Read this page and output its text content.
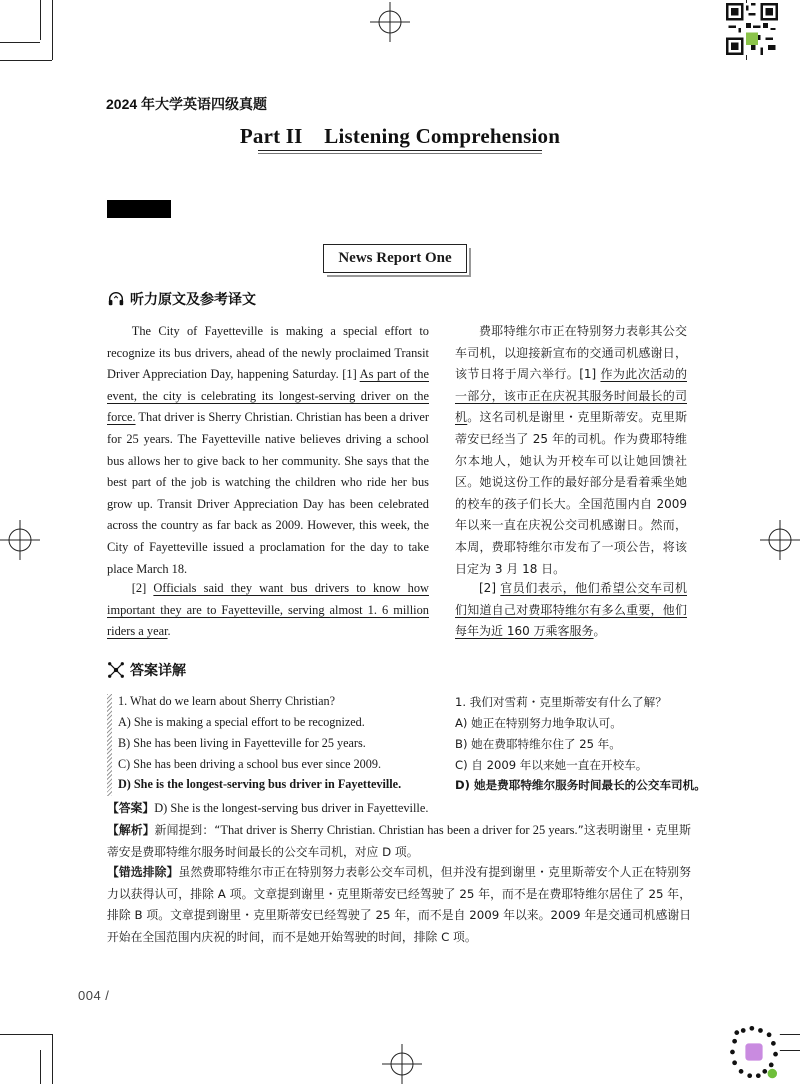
2024 年大学英语四级真题
Part II    Listening Comprehension
News Report One
听力原文及参考译文
The City of Fayetteville is making a special effort to recognize its bus drivers, ahead of the newly proclaimed Transit Driver Appreciation Day, happening Saturday. [1] As part of the event, the city is celebrating its longest-serving driver on the force. That driver is Sherry Christian. Christian has been a driver for 25 years. The Fayetteville native believes driving a school bus allows her to give back to her community. She says that the best part of the job is watching the children who ride her bus grow up. Transit Driver Appreciation Day has been celebrated across the country as far back as 2009. However, this week, the City of Fayetteville issued a proclamation for the day to take place March 18.
[2] Officials said they want bus drivers to know how important they are to Fayetteville, serving almost 1. 6 million riders a year.
费耶特维尔市正在特别努力表彰其公交车司机，以迎接新宣布的交通司机感谢日，该节日将于周六举行。[1] 作为此次活动的一部分，该市正在庆祝其服务时间最长的司机。这名司机是谢里・克里斯蒂安。克里斯蒂安已经当了 25 年的司机。作为费耶特维尔本地人，她认为开校车可以让她回馈社区。她说这份工作的最好部分是看着乘坐她的校车的孩子们长大。全国范围内自 2009 年以来一直在庆祝公交司机感谢日。然而，本周，费耶特维尔市发布了一项公告，将该日定为 3 月 18 日。
[2] 官员们表示，他们希望公交车司机们知道自己对费耶特维尔有多么重要，他们每年为近 160 万乘客服务。
答案详解
1. What do we learn about Sherry Christian?
A) She is making a special effort to be recognized.
B) She has been living in Fayetteville for 25 years.
C) She has been driving a school bus ever since 2009.
D) She is the longest-serving bus driver in Fayetteville.
1. 我们对雪莉・克里斯蒂安有什么了解？
A) 她正在特别努力地争取认可。
B) 她在费耶特维尔住了 25 年。
C) 自 2009 年以来她一直在开校车。
D) 她是费耶特维尔服务时间最长的公交车司机。
【答案】D) She is the longest-serving bus driver in Fayetteville.
【解析】新闻提到：“That driver is Sherry Christian. Christian has been a driver for 25 years.”这表明谢里・克里斯蒂安是费耶特维尔服务时间最长的公交车司机，对应 D 项。
【错选排除】虽然费耶特维尔市正在特别努力表彰公交车司机，但并没有提到谢里・克里斯蒂安个人正在特别努力以获得认可，排除 A 项。文章提到谢里・克里斯蒂安已经驾驶了 25 年，而不是在费耶特维尔居住了 25 年，排除 B 项。文章提到谢里・克里斯蒂安已经驾驶了 25 年，而不是自 2009 年以来。2009 年是交通司机感谢日开始在全国范围内庆祝的时间，而不是她开始驾驶的时间，排除 C 项。
004 /
